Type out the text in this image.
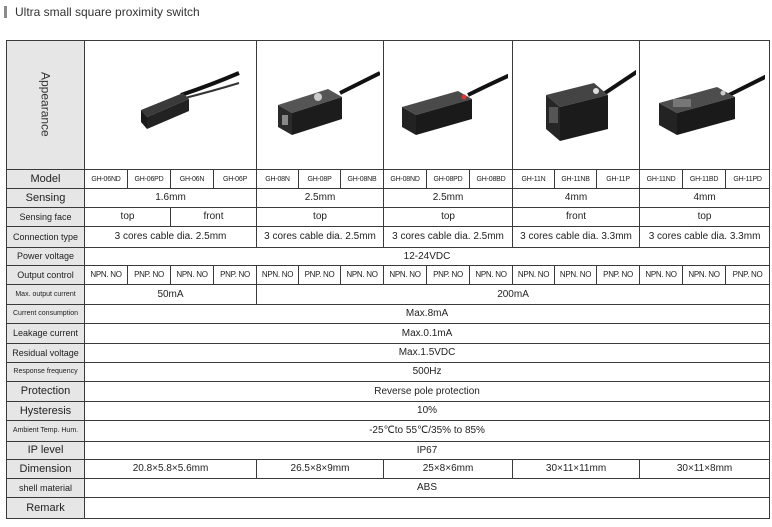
Ultra small square proximity switch
Appearance	

Model	GH-06ND	GH-06PD	GH-06N	GH-06P	GH-08N	GH-08P	GH-08NB	GH-08ND	GH-08PD	GH-08BD	GH-11N	GH-11NB	GH-11P	GH-11ND	GH-11BD	GH-11PD
Sensing	1.6mm				2.5mm			2.5mm			4mm			4mm		
Sensing face	top		front		top			top			front			top		
Connection type	3 cores cable dia. 2.5mm				3 cores cable dia. 2.5mm			3 cores cable dia. 2.5mm			3 cores cable dia. 3.3mm			3 cores cable dia. 3.3mm		
Power voltage	12-24VDC															
Output control	NPN. NO	PNP. NO	NPN. NO	PNP. NO	NPN. NO	PNP. NO	NPN. NO	NPN. NO	PNP. NO	NPN. NO	NPN. NO	NPN. NO	PNP. NO	NPN. NO	NPN. NO	PNP. NO
Max. output current	50mA				200mA											
Current consumption	Max.8mA															
Leakage current	Max.0.1mA															
Residual voltage	Max.1.5VDC															
Response frequency	500Hz															
Protection	Reverse pole protection															
Hysteresis	10%															
Ambient Temp. Hum.	-25℃to 55℃/35% to 85%															
IP level	IP67															
Dimension	20.8×5.8×5.6mm				26.5×8×9mm			25×8×6mm			30×11×11mm			30×11×8mm		
shell material	ABS															
Remark																
